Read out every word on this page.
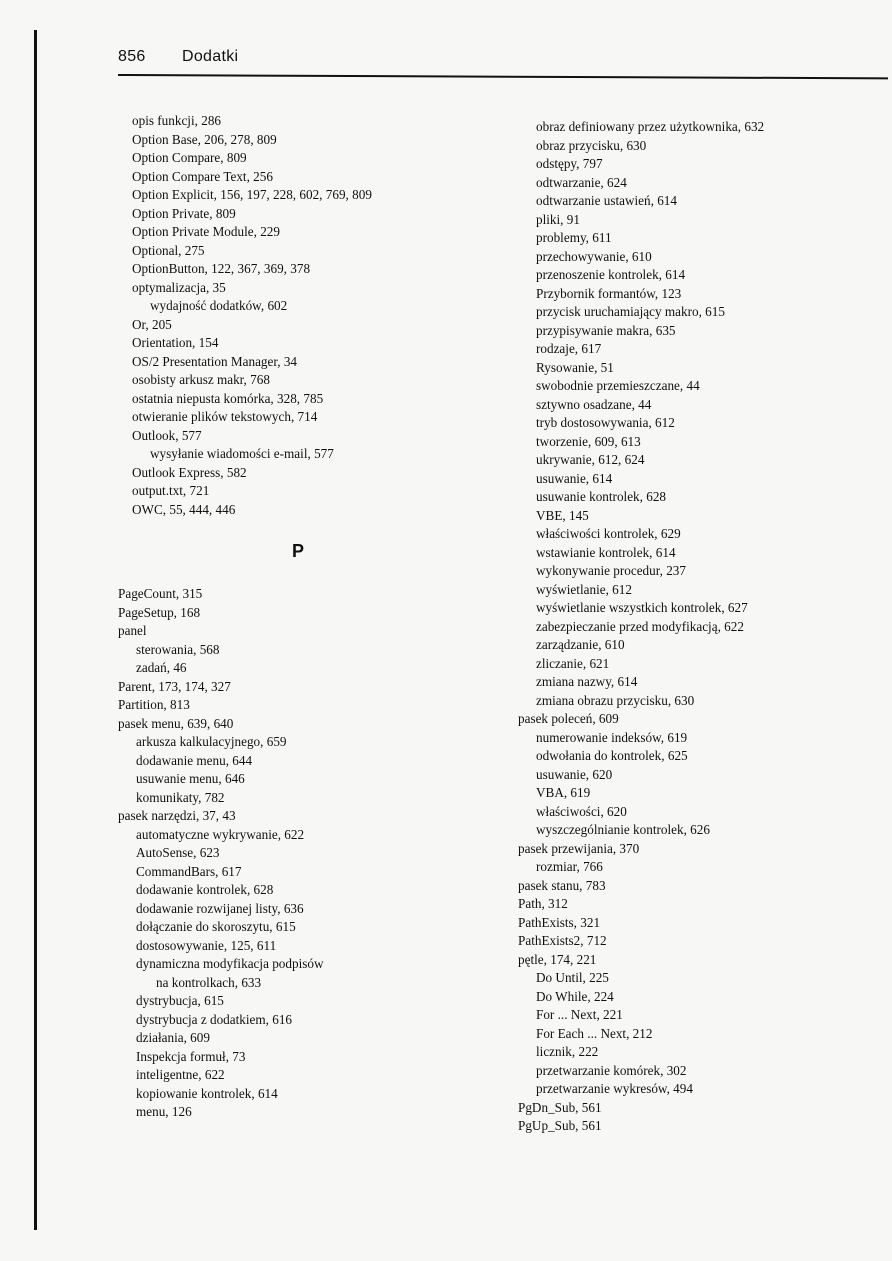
856 Dodatki
opis funkcji, 286
Option Base, 206, 278, 809
Option Compare, 809
Option Compare Text, 256
Option Explicit, 156, 197, 228, 602, 769, 809
Option Private, 809
Option Private Module, 229
Optional, 275
OptionButton, 122, 367, 369, 378
optymalizacja, 35
wydajność dodatków, 602
Or, 205
Orientation, 154
OS/2 Presentation Manager, 34
osobisty arkusz makr, 768
ostatnia niepusta komórka, 328, 785
otwieranie plików tekstowych, 714
Outlook, 577
wysyłanie wiadomości e-mail, 577
Outlook Express, 582
output.txt, 721
OWC, 55, 444, 446
P
PageCount, 315
PageSetup, 168
panel
sterowania, 568
zadań, 46
Parent, 173, 174, 327
Partition, 813
pasek menu, 639, 640
arkusza kalkulacyjnego, 659
dodawanie menu, 644
usuwanie menu, 646
komunikaty, 782
pasek narzędzi, 37, 43
automatyczne wykrywanie, 622
AutoSense, 623
CommandBars, 617
dodawanie kontrolek, 628
dodawanie rozwijanej listy, 636
dołączanie do skoroszytu, 615
dostosowywanie, 125, 611
dynamiczna modyfikacja podpisów
na kontrolkach, 633
dystrybucja, 615
dystrybucja z dodatkiem, 616
działania, 609
Inspekcja formuł, 73
inteligentne, 622
kopiowanie kontrolek, 614
menu, 126
obraz definiowany przez użytkownika, 632
obraz przycisku, 630
odstępy, 797
odtwarzanie, 624
odtwarzanie ustawień, 614
pliki, 91
problemy, 611
przechowywanie, 610
przenoszenie kontrolek, 614
Przybornik formantów, 123
przycisk uruchamiający makro, 615
przypisywanie makra, 635
rodzaje, 617
Rysowanie, 51
swobodnie przemieszczane, 44
sztywno osadzane, 44
tryb dostosowywania, 612
tworzenie, 609, 613
ukrywanie, 612, 624
usuwanie, 614
usuwanie kontrolek, 628
VBE, 145
właściwości kontrolek, 629
wstawianie kontrolek, 614
wykonywanie procedur, 237
wyświetlanie, 612
wyświetlanie wszystkich kontrolek, 627
zabezpieczanie przed modyfikacją, 622
zarządzanie, 610
zliczanie, 621
zmiana nazwy, 614
zmiana obrazu przycisku, 630
pasek poleceń, 609
numerowanie indeksów, 619
odwołania do kontrolek, 625
usuwanie, 620
VBA, 619
właściwości, 620
wyszczególnianie kontrolek, 626
pasek przewijania, 370
rozmiar, 766
pasek stanu, 783
Path, 312
PathExists, 321
PathExists2, 712
pętle, 174, 221
Do Until, 225
Do While, 224
For ... Next, 221
For Each ... Next, 212
licznik, 222
przetwarzanie komórek, 302
przetwarzanie wykresów, 494
PgDn_Sub, 561
PgUp_Sub, 561
